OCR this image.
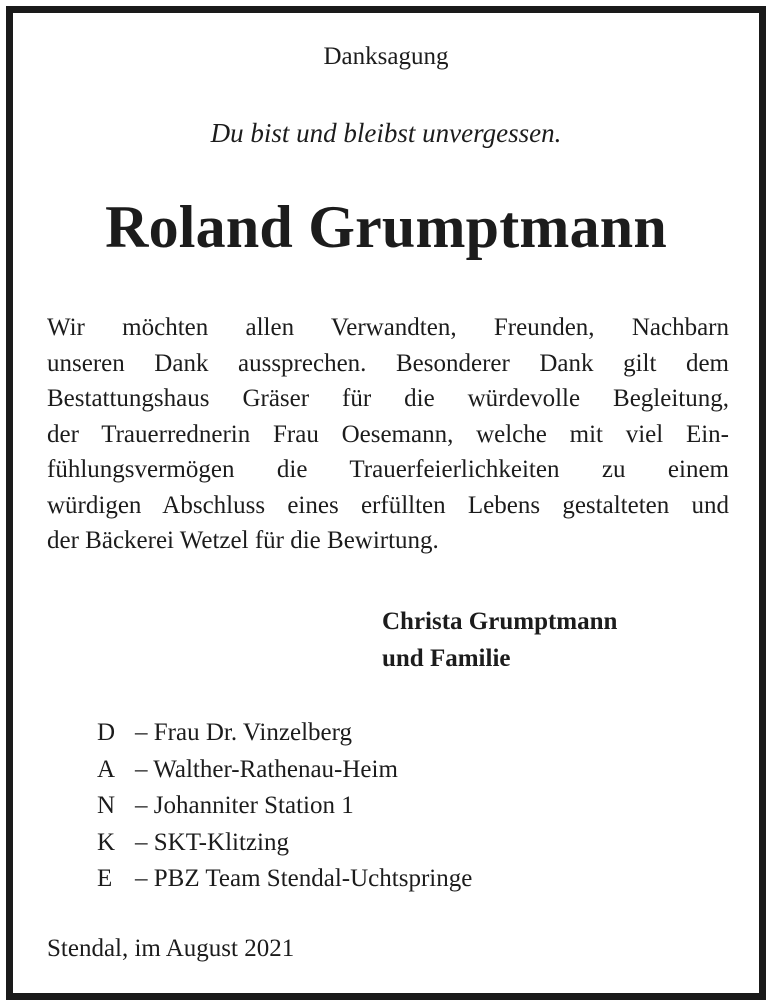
Danksagung
Du bist und bleibst unvergessen.
Roland Grumptmann

Wir möchten allen Verwandten, Freunden, Nachbarn
unseren Dank aussprechen. Besonderer Dank gilt dem
Bestattungshaus Gräser für die würdevolle Begleitung,
der Trauerrednerin Frau Oesemann, welche mit viel Ein-
fühlungsvermögen die Trauerfeierlichkeiten zu einem
würdigen Abschluss eines erfüllten Lebens gestalteten und
der Bäckerei Wetzel für die Bewirtung.

Christa Grumptmann
und Familie
D – Frau Dr. Vinzelberg
A – Walther-Rathenau-Heim
N – Johanniter Station 1
K – SKT-Klitzing
E – PBZ Team Stendal-Uchtspringe
Stendal, im August 2021
